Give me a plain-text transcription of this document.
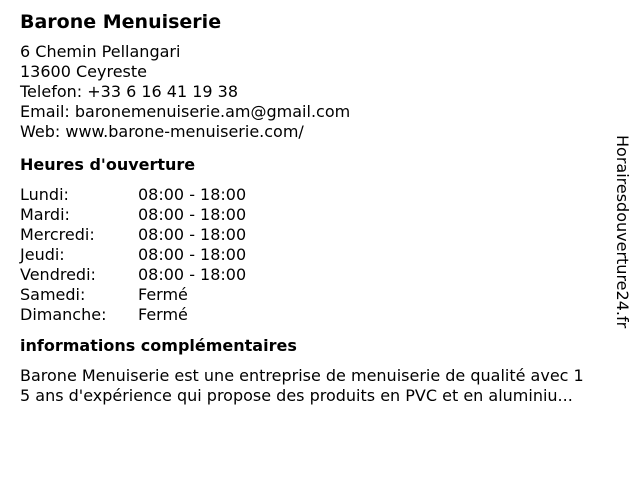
Barone Menuiserie
6 Chemin Pellangari
13600 Ceyreste
Telefon: +33 6 16 41 19 38
Email: baronemenuiserie.am@gmail.com
Web: www.barone-menuiserie.com/
Heures d'ouverture
Lundi:	08:00 - 18:00
Mardi:	08:00 - 18:00
Mercredi:	08:00 - 18:00
Jeudi:	08:00 - 18:00
Vendredi:	08:00 - 18:00
Samedi:	Fermé
Dimanche:	Fermé
informations complémentaires
Barone Menuiserie est une entreprise de menuiserie de qualité avec 1
5 ans d'expérience qui propose des produits en PVC et en aluminiu...
Horairesdouverture24.fr
